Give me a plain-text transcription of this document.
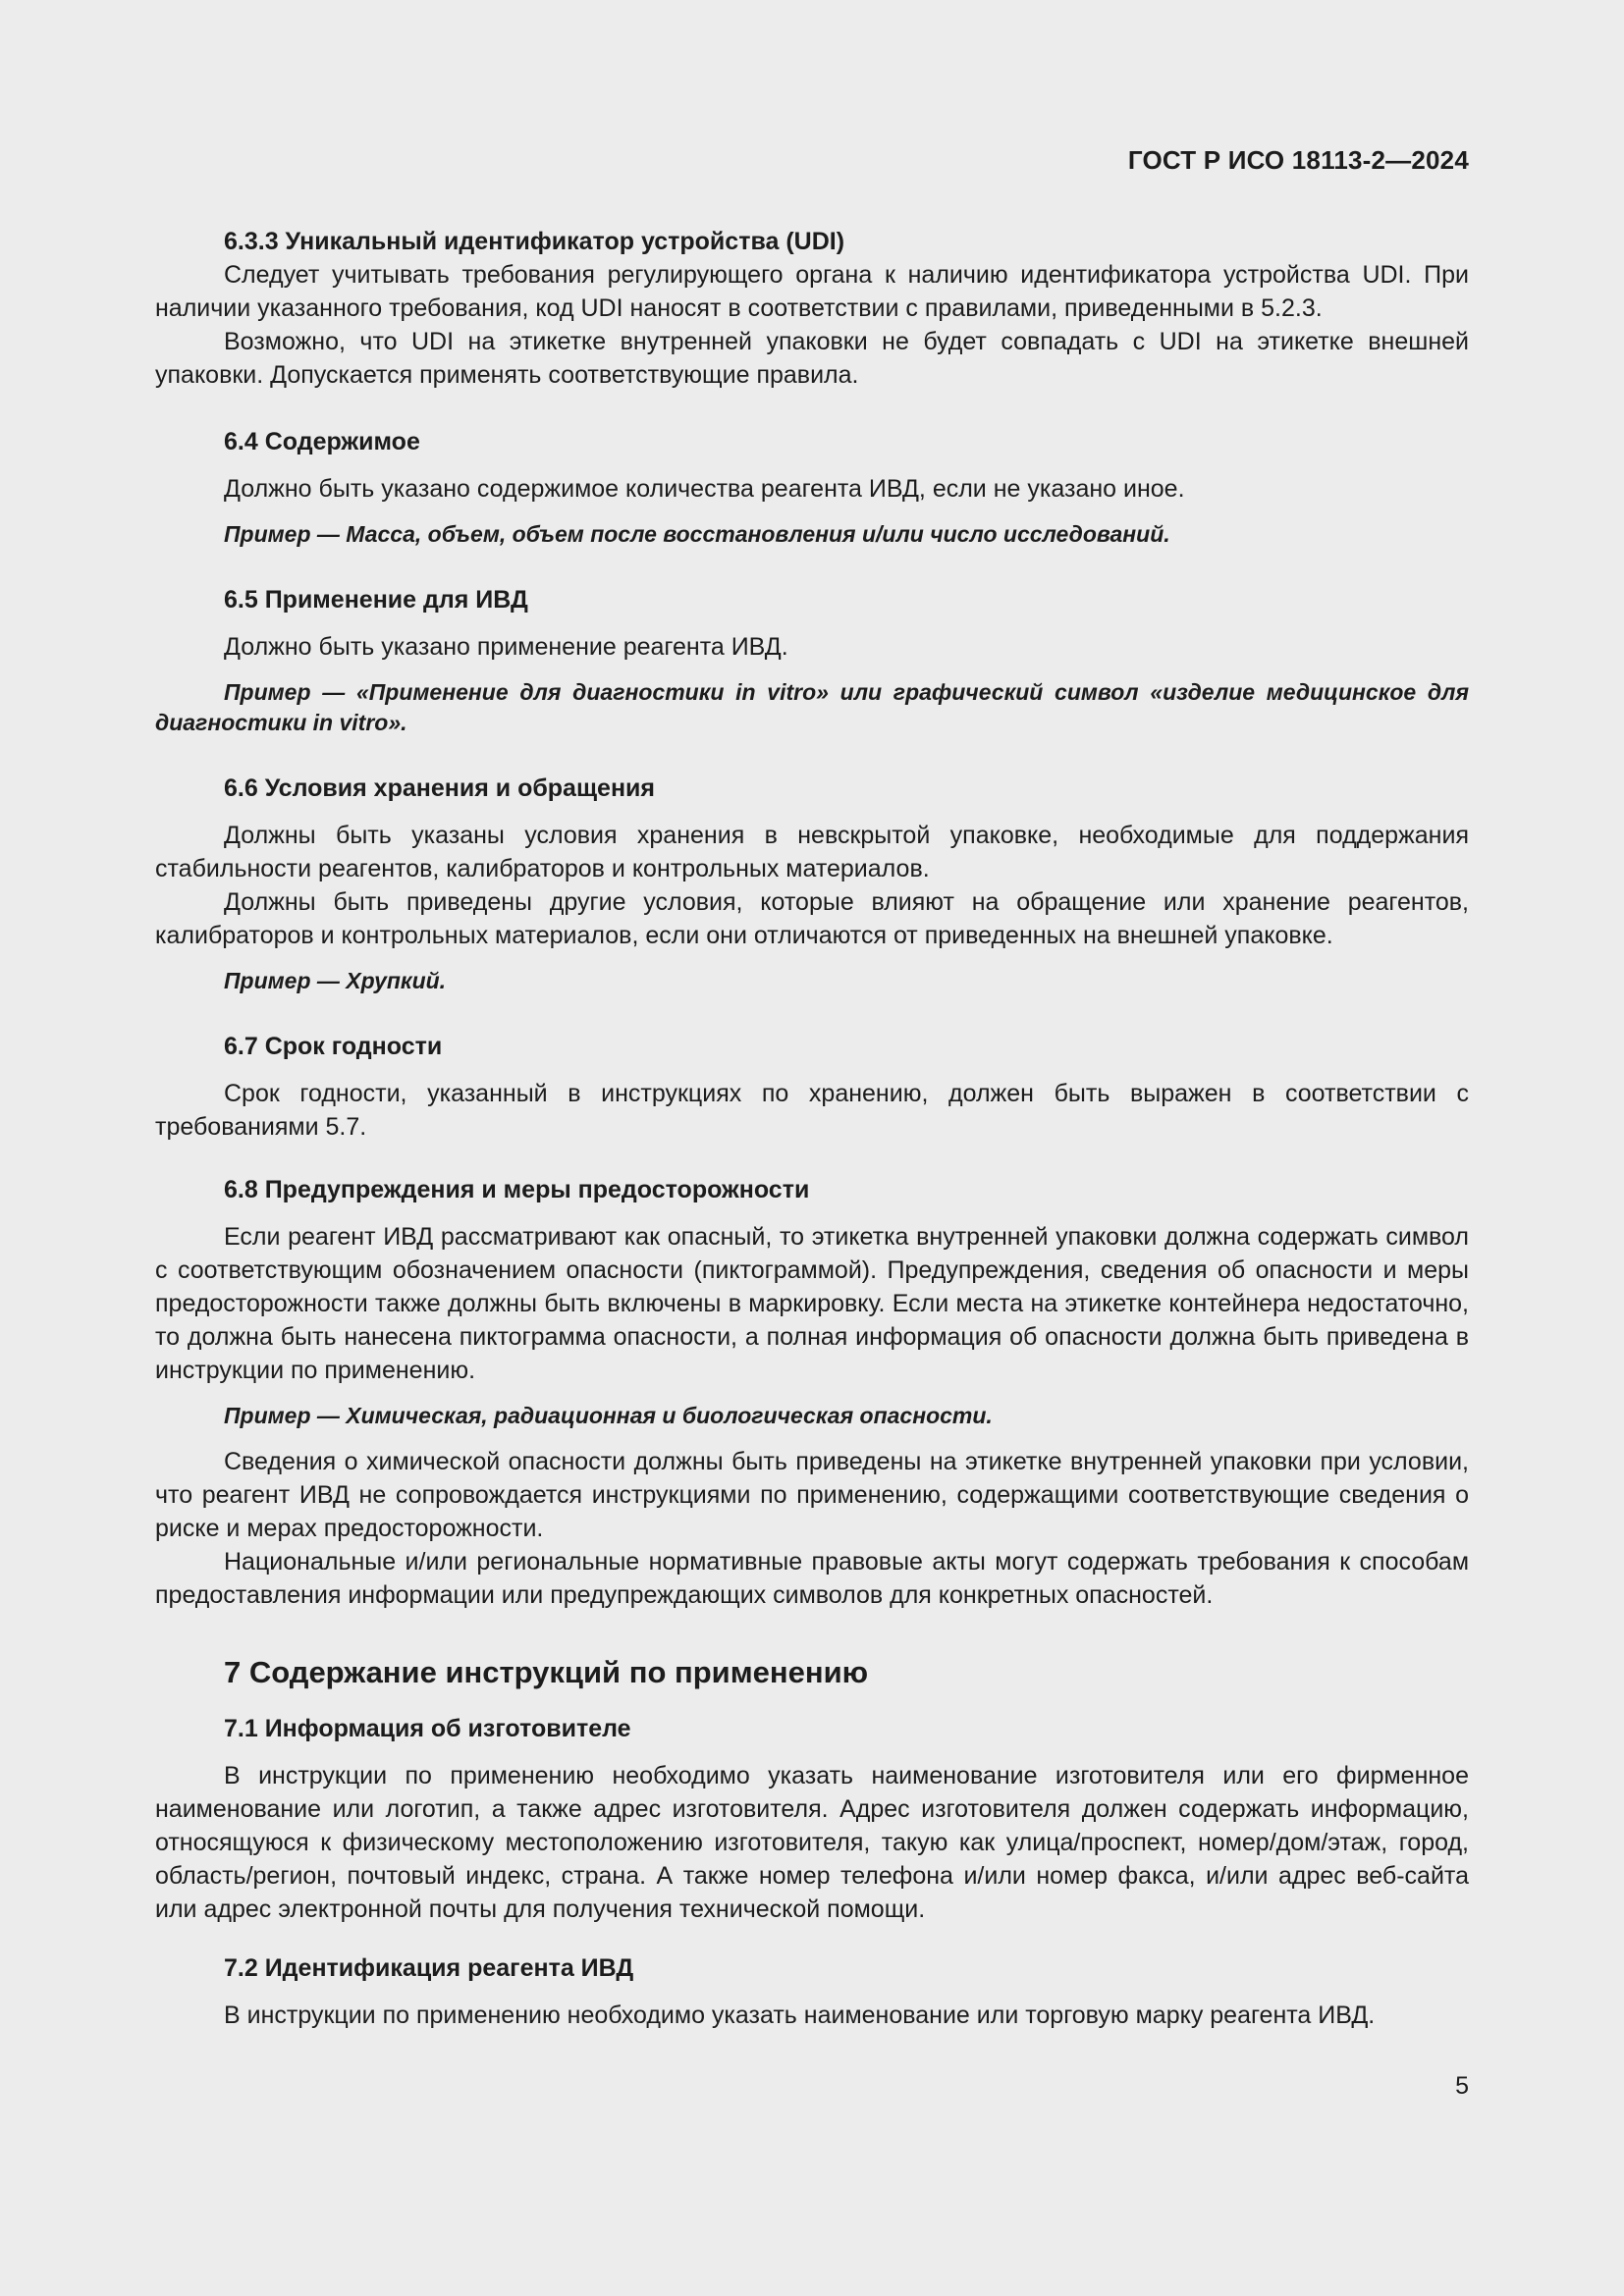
ГОСТ Р ИСО 18113-2—2024
6.3.3 Уникальный идентификатор устройства (UDI)

Следует учитывать требования регулирующего органа к наличию идентификатора устройства UDI. При наличии указанного требования, код UDI наносят в соответствии с правилами, приведенными в 5.2.3.

Возможно, что UDI на этикетке внутренней упаковки не будет совпадать с UDI на этикетке внешней упаковки. Допускается применять соответствующие правила.

6.4 Содержимое

Должно быть указано содержимое количества реагента ИВД, если не указано иное.

Пример — Масса, объем, объем после восстановления и/или число исследований.

6.5 Применение для ИВД

Должно быть указано применение реагента ИВД.

Пример — «Применение для диагностики in vitro» или графический символ «изделие медицинское для диагностики in vitro».

6.6 Условия хранения и обращения

Должны быть указаны условия хранения в невскрытой упаковке, необходимые для поддержания стабильности реагентов, калибраторов и контрольных материалов.

Должны быть приведены другие условия, которые влияют на обращение или хранение реагентов, калибраторов и контрольных материалов, если они отличаются от приведенных на внешней упаковке.

Пример — Хрупкий.

6.7 Срок годности

Срок годности, указанный в инструкциях по хранению, должен быть выражен в соответствии с требованиями 5.7.

6.8 Предупреждения и меры предосторожности

Если реагент ИВД рассматривают как опасный, то этикетка внутренней упаковки должна содержать символ с соответствующим обозначением опасности (пиктограммой). Предупреждения, сведения об опасности и меры предосторожности также должны быть включены в маркировку. Если места на этикетке контейнера недостаточно, то должна быть нанесена пиктограмма опасности, а полная информация об опасности должна быть приведена в инструкции по применению.

Пример — Химическая, радиационная и биологическая опасности.

Сведения о химической опасности должны быть приведены на этикетке внутренней упаковки при условии, что реагент ИВД не сопровождается инструкциями по применению, содержащими соответствующие сведения о риске и мерах предосторожности.

Национальные и/или региональные нормативные правовые акты могут содержать требования к способам предоставления информации или предупреждающих символов для конкретных опасностей.

7 Содержание инструкций по применению
7.1 Информация об изготовителе

В инструкции по применению необходимо указать наименование изготовителя или его фирменное наименование или логотип, а также адрес изготовителя. Адрес изготовителя должен содержать информацию, относящуюся к физическому местоположению изготовителя, такую как улица/проспект, номер/дом/этаж, город, область/регион, почтовый индекс, страна. А также номер телефона и/или номер факса, и/или адрес веб-сайта или адрес электронной почты для получения технической помощи.

7.2 Идентификация реагента ИВД

В инструкции по применению необходимо указать наименование или торговую марку реагента ИВД.

5
